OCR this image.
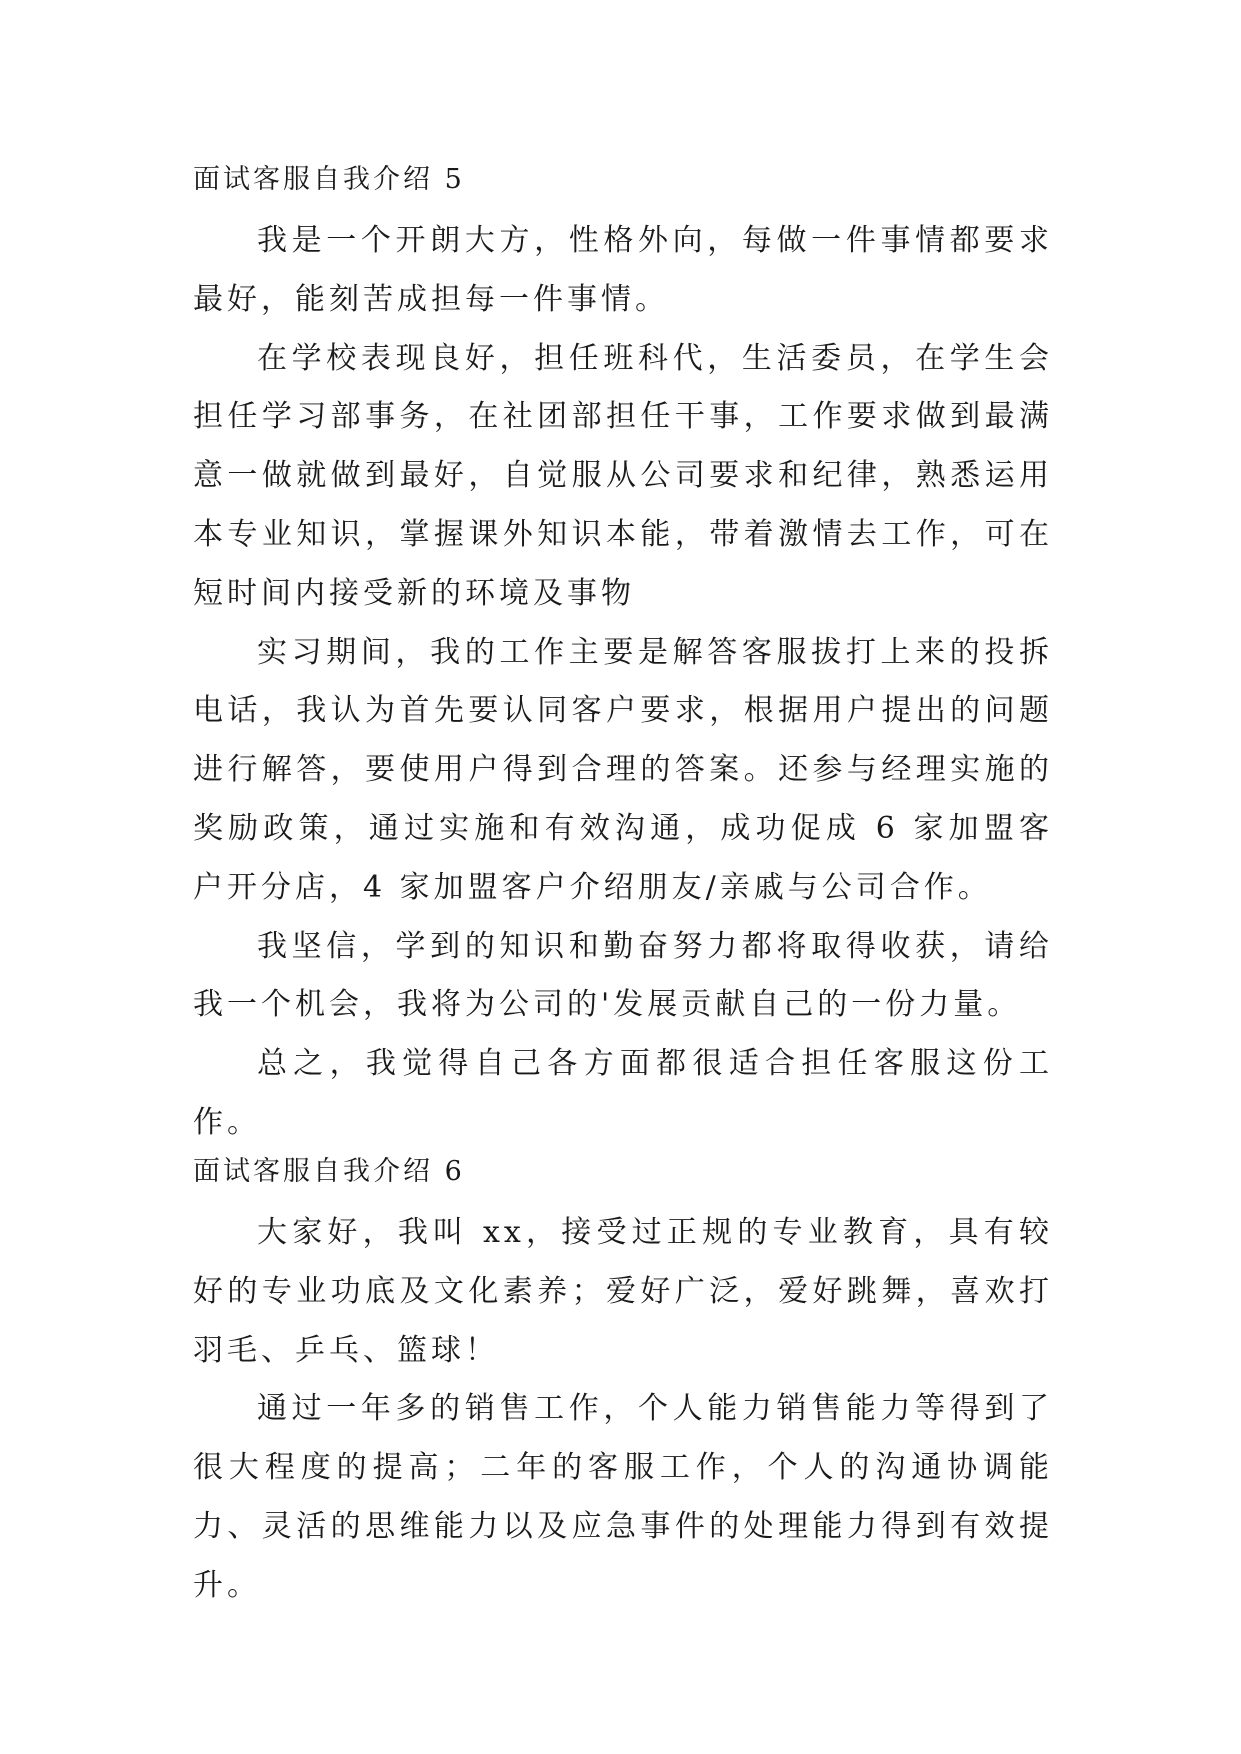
面试客服自我介绍 5

我是一个开朗大方，性格外向，每做一件事情都要求最好，能刻苦成担每一件事情。

在学校表现良好，担任班科代，生活委员，在学生会担任学习部事务，在社团部担任干事，工作要求做到最满意一做就做到最好，自觉服从公司要求和纪律，熟悉运用本专业知识，掌握课外知识本能，带着激情去工作，可在短时间内接受新的环境及事物

实习期间，我的工作主要是解答客服拔打上来的投拆电话，我认为首先要认同客户要求，根据用户提出的问题进行解答，要使用户得到合理的答案。还参与经理实施的奖励政策，通过实施和有效沟通，成功促成 6 家加盟客户开分店，4 家加盟客户介绍朋友/亲戚与公司合作。

我坚信，学到的知识和勤奋努力都将取得收获，请给我一个机会，我将为公司的'发展贡献自己的一份力量。

总之，我觉得自己各方面都很适合担任客服这份工作。

面试客服自我介绍 6

大家好，我叫 xx，接受过正规的专业教育，具有较好的专业功底及文化素养；爱好广泛，爱好跳舞，喜欢打羽毛、乒乓、篮球！

通过一年多的销售工作，个人能力销售能力等得到了很大程度的提高；二年的客服工作，个人的沟通协调能力、灵活的思维能力以及应急事件的处理能力得到有效提升。
